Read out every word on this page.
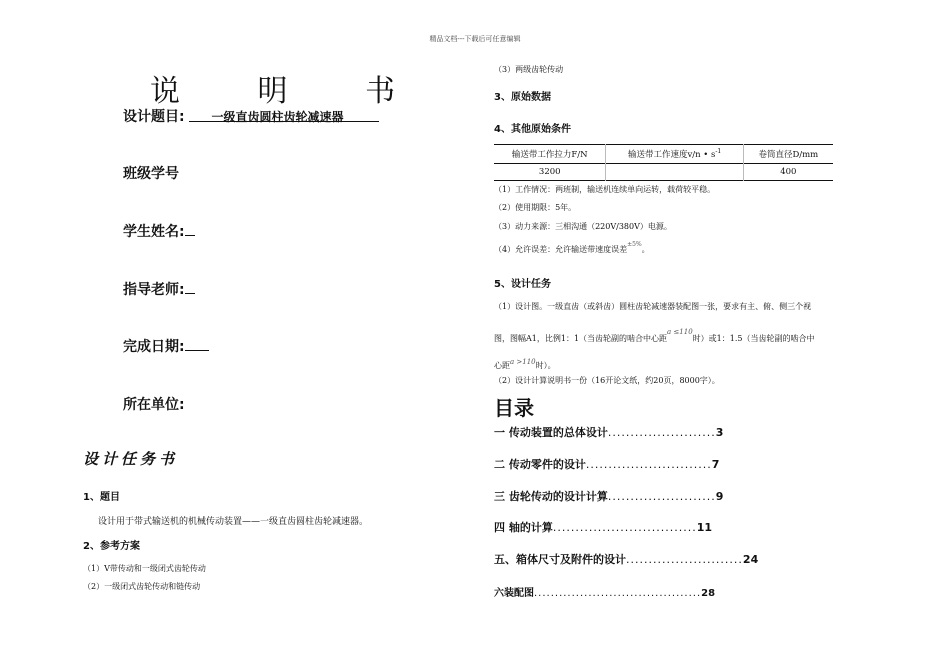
精品文档---下载后可任意编辑
说 明 书
设计题目: 一级直齿圆柱齿轮减速器
班级学号
学生姓名:
指导老师:
完成日期:
所在单位:
设计任务书
1、题目
设计用于带式输送机的机械传动装置——一级直齿圆柱齿轮减速器。
2、参考方案
（1）V带传动和一级闭式齿轮传动
（2）一级闭式齿轮传动和链传动
（3）两级齿轮传动
3、原始数据
4、其他原始条件
输送带工作拉力F/N	输送带工作速度v/n • $s^{-1}$	卷筒直径D/mm
3200		400
（1）工作情况：两班制，输送机连续单向运转，载荷较平稳。
（2）使用期限：5年。
（3）动力来源：三相沟通（220V/380V）电源。
（4）允许误差：允许输送带速度误差$^{\pm 5\%}$。
5、设计任务
（1）设计图。一级直齿（或斜齿）圆柱齿轮减速器装配图一张，要求有主、俯、侧三个视
图，图幅A1，比例1：1（当齿轮副的啮合中心距a ≤110时）或1：1.5（当齿轮副的啮合中
心距a >110时）。
（2）设计计算说明书一份（16开论文纸，约20页，8000字）。
目录
一 传动装置的总体设计........................3
二 传动零件的设计............................7
三 齿轮传动的设计计算........................9
四 轴的计算................................11
五、箱体尺寸及附件的设计..........................24
六装配图........................................28
